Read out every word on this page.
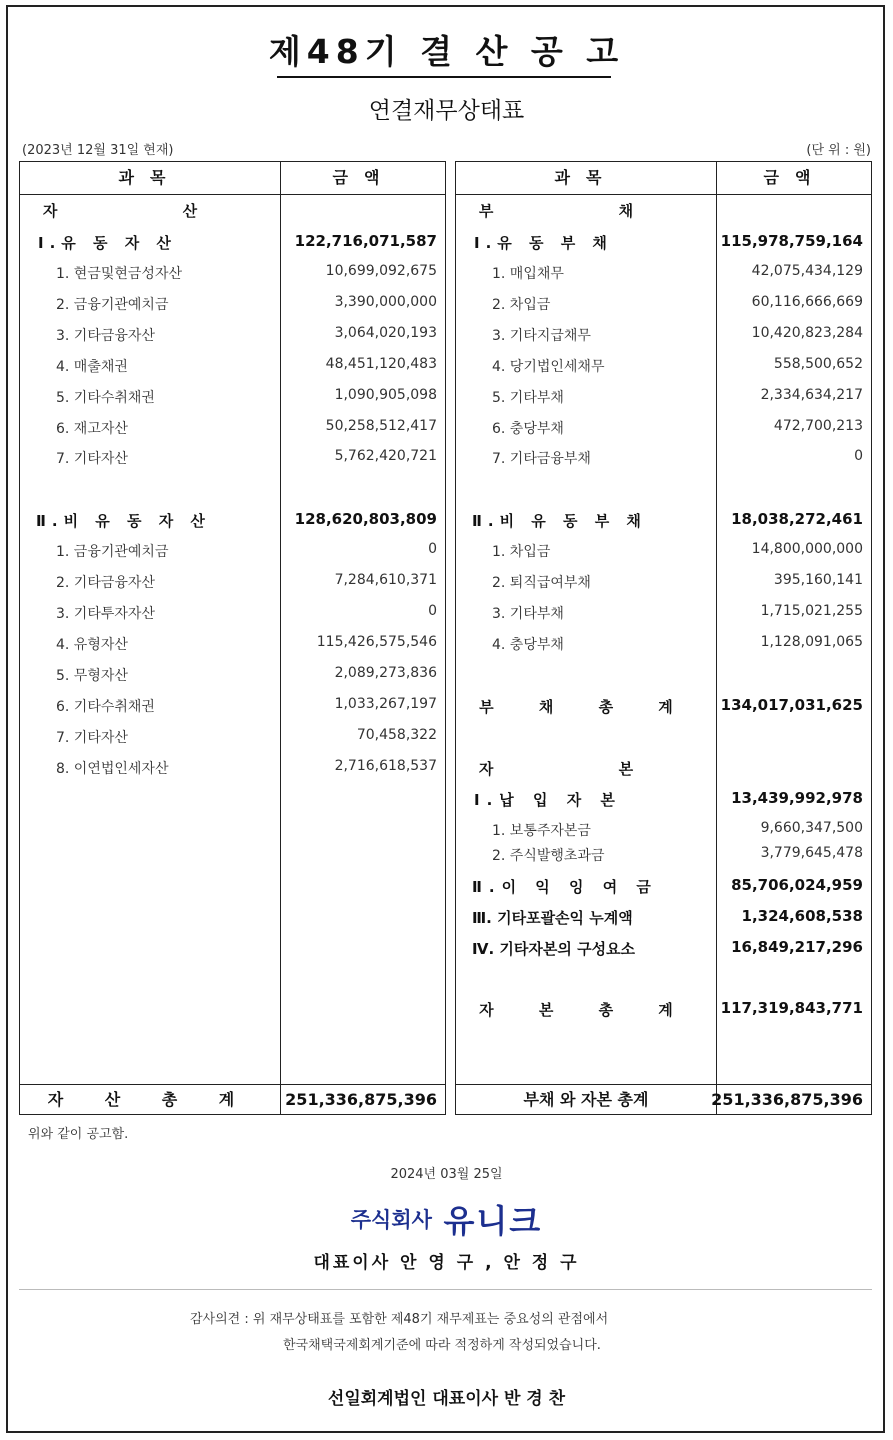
제48기 결 산 공 고
연결재무상태표
(2023년 12월 31일 현재)	(단 위 : 원)
과목	금액
자 산
Ⅰ.유 동 자 산	122,716,071,587
1. 현금및현금성자산	10,699,092,675
2. 금융기관예치금	3,390,000,000
3. 기타금융자산	3,064,020,193
4. 매출채권	48,451,120,483
5. 기타수취채권	1,090,905,098
6. 재고자산	50,258,512,417
7. 기타자산	5,762,420,721
Ⅱ.비 유 동 자 산	128,620,803,809
1. 금융기관예치금	0
2. 기타금융자산	7,284,610,371
3. 기타투자자산	0
4. 유형자산	115,426,575,546
5. 무형자산	2,089,273,836
6. 기타수취채권	1,033,267,197
7. 기타자산	70,458,322
8. 이연법인세자산	2,716,618,537
자 산 총 계	251,336,875,396
과목	금액
부 채
Ⅰ.유 동 부 채	115,978,759,164
1. 매입채무	42,075,434,129
2. 차입금	60,116,666,669
3. 기타지급채무	10,420,823,284
4. 당기법인세채무	558,500,652
5. 기타부채	2,334,634,217
6. 충당부채	472,700,213
7. 기타금융부채	0
Ⅱ.비 유 동 부 채	18,038,272,461
1. 차입금	14,800,000,000
2. 퇴직급여부채	395,160,141
3. 기타부채	1,715,021,255
4. 충당부채	1,128,091,065
부 채 총 계	134,017,031,625
자 본
Ⅰ.납 입 자 본	13,439,992,978
1. 보통주자본금	9,660,347,500
2. 주식발행초과금	3,779,645,478
Ⅱ.이 익 잉 여 금	85,706,024,959
Ⅲ. 기타포괄손익 누계액	1,324,608,538
Ⅳ. 기타자본의 구성요소	16,849,217,296
자 본 총 계	117,319,843,771
부채 와 자본 총계	251,336,875,396
위와 같이 공고함.
2024년 03월 25일
주식회사 유니크
대표이사 안 영 구 , 안 정 구
감사의견 : 위 재무상태표를 포함한 제48기 재무제표는 중요성의 관점에서
한국채택국제회계기준에 따라 적정하게 작성되었습니다.
선일회계법인 대표이사 반 경 찬
